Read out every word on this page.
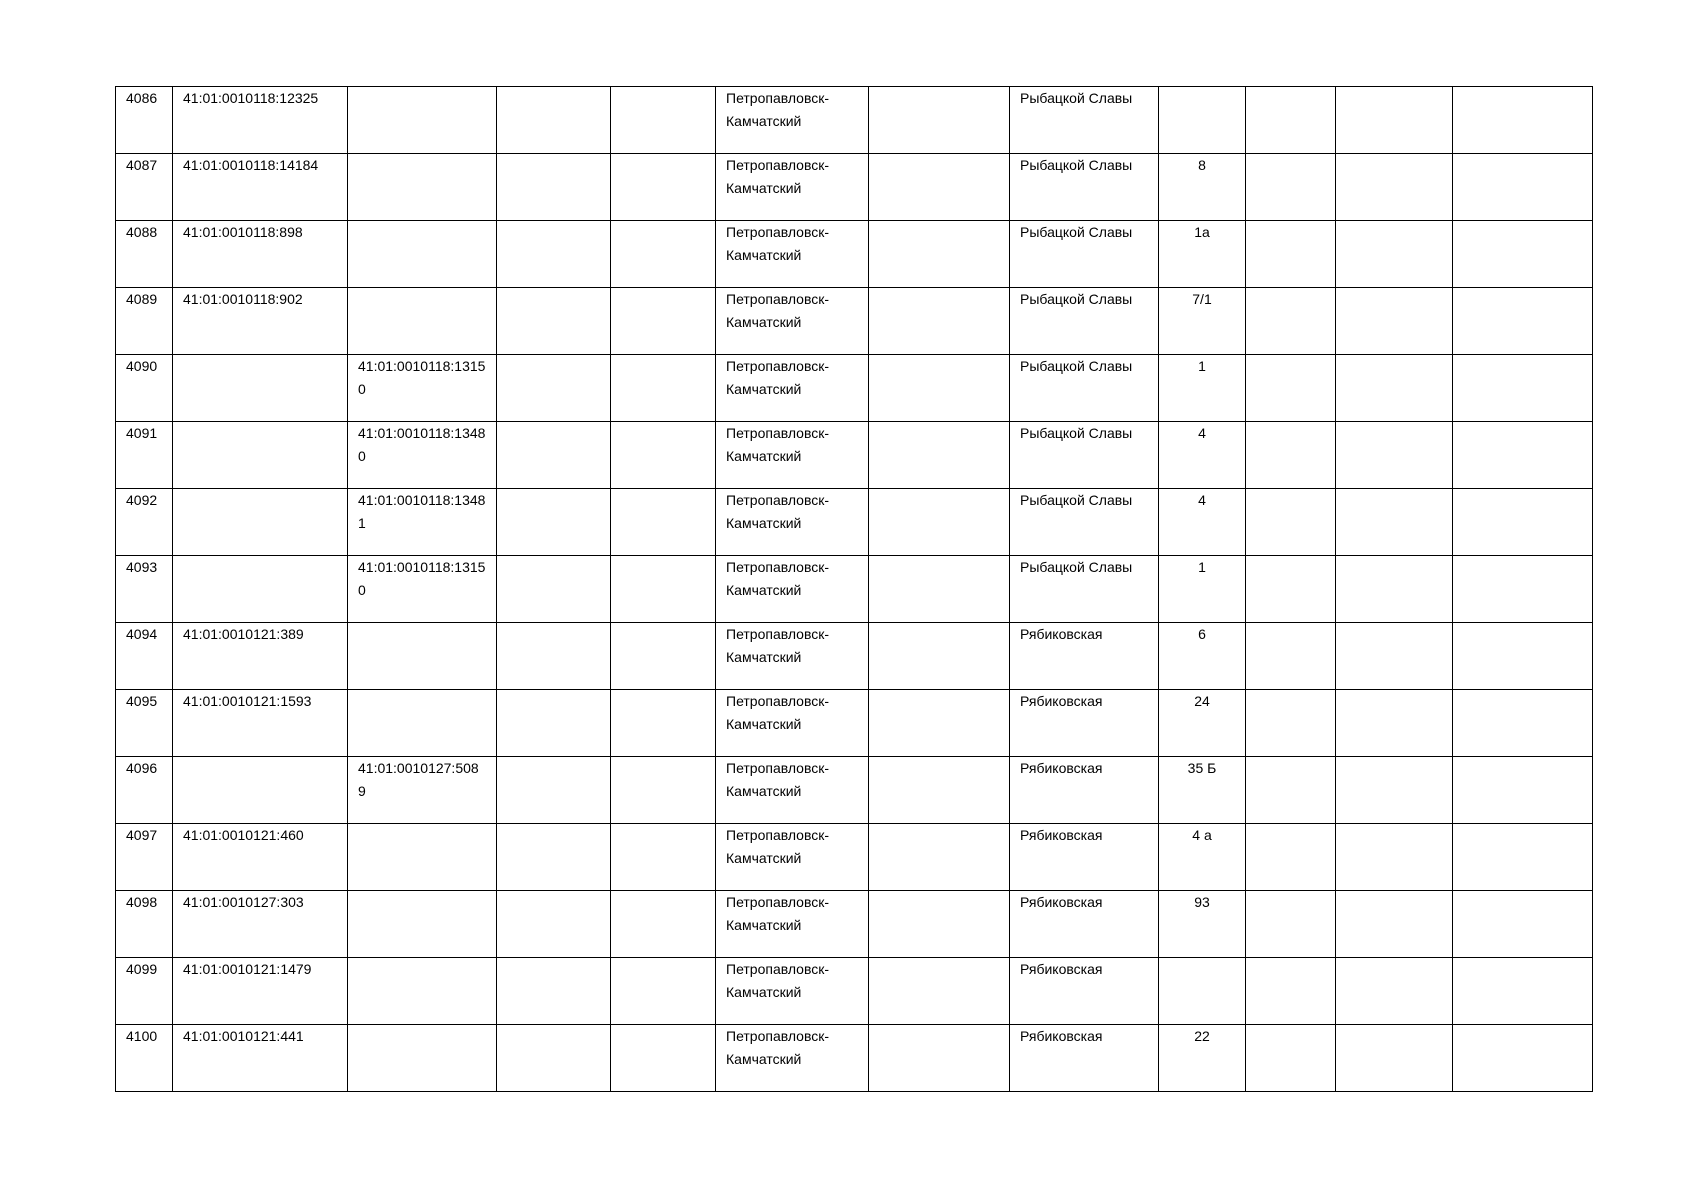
4086	41:01:0010118:12325				Петропавловск-
Камчатский		Рыбацкой Славы				
4087	41:01:0010118:14184				Петропавловск-
Камчатский		Рыбацкой Славы	8			
4088	41:01:0010118:898				Петропавловск-
Камчатский		Рыбацкой Славы	1а			
4089	41:01:0010118:902				Петропавловск-
Камчатский		Рыбацкой Славы	7/1			
4090		41:01:0010118:13150			Петропавловск-
Камчатский		Рыбацкой Славы	1			
4091		41:01:0010118:13480			Петропавловск-
Камчатский		Рыбацкой Славы	4			
4092		41:01:0010118:13481			Петропавловск-
Камчатский		Рыбацкой Славы	4			
4093		41:01:0010118:13150			Петропавловск-
Камчатский		Рыбацкой Славы	1			
4094	41:01:0010121:389				Петропавловск-
Камчатский		Рябиковская	6			
4095	41:01:0010121:1593				Петропавловск-
Камчатский		Рябиковская	24			
4096		41:01:0010127:5089			Петропавловск-
Камчатский		Рябиковская	35 Б			
4097	41:01:0010121:460				Петропавловск-
Камчатский		Рябиковская	4 а			
4098	41:01:0010127:303				Петропавловск-
Камчатский		Рябиковская	93			
4099	41:01:0010121:1479				Петропавловск-
Камчатский		Рябиковская				
4100	41:01:0010121:441				Петропавловск-
Камчатский		Рябиковская	22			
